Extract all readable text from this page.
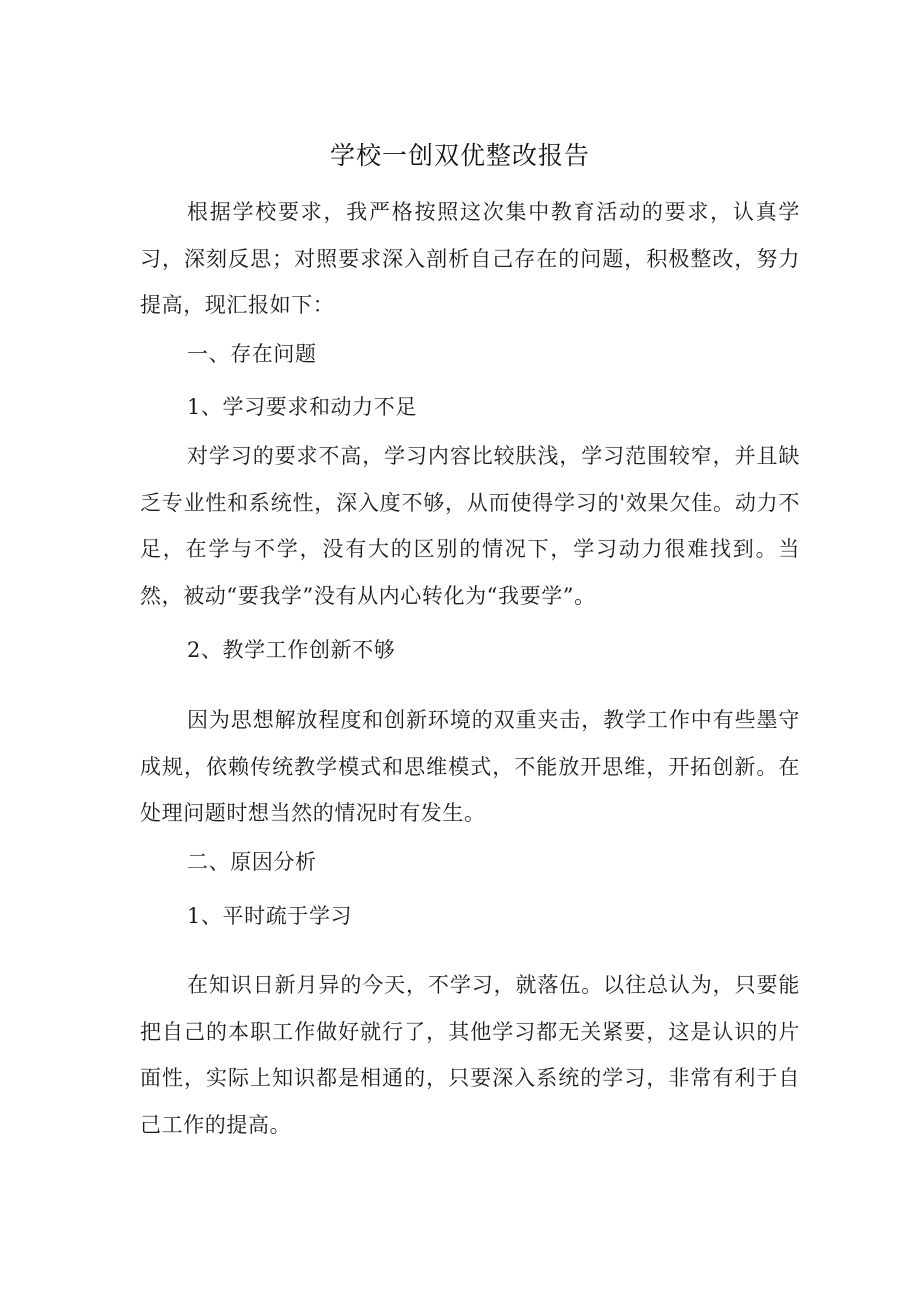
学校一创双优整改报告

根据学校要求，我严格按照这次集中教育活动的要求，认真学习，深刻反思；对照要求深入剖析自己存在的问题，积极整改，努力提高，现汇报如下：

一、存在问题

1、学习要求和动力不足

对学习的要求不高，学习内容比较肤浅，学习范围较窄，并且缺乏专业性和系统性，深入度不够，从而使得学习的'效果欠佳。动力不足，在学与不学，没有大的区别的情况下，学习动力很难找到。当然，被动“要我学”没有从内心转化为“我要学”。

2、教学工作创新不够

因为思想解放程度和创新环境的双重夹击，教学工作中有些墨守成规，依赖传统教学模式和思维模式，不能放开思维，开拓创新。在处理问题时想当然的情况时有发生。

二、原因分析

1、平时疏于学习

在知识日新月异的今天，不学习，就落伍。以往总认为，只要能把自己的本职工作做好就行了，其他学习都无关紧要，这是认识的片面性，实际上知识都是相通的，只要深入系统的学习，非常有利于自己工作的提高。
